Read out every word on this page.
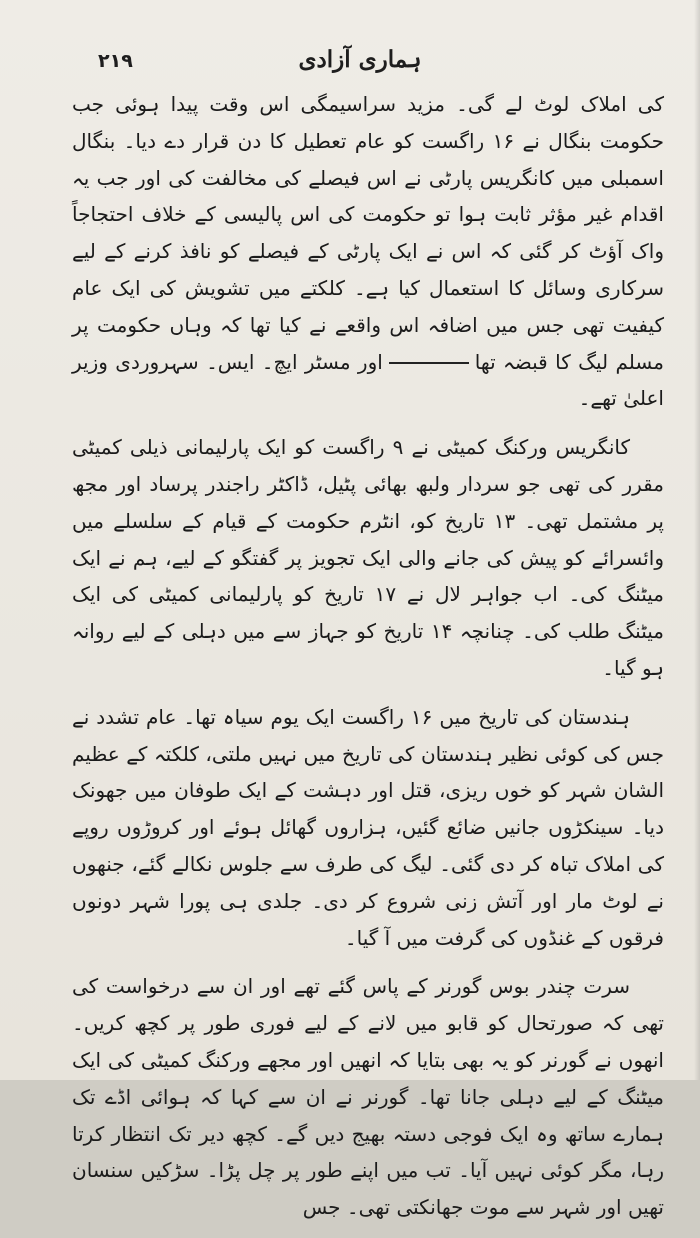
۲۱۹	ہماری آزادی

کی املاک لوٹ لے گی۔ مزید سراسیمگی اس وقت پیدا ہوئی جب حکومت بنگال نے ۱۶ راگست کو عام تعطیل کا دن قرار دے دیا۔ بنگال اسمبلی میں کانگریس پارٹی نے اس فیصلے کی مخالفت کی اور جب یہ اقدام غیر مؤثر ثابت ہوا تو حکومت کی اس پالیسی کے خلاف احتجاجاً واک آؤٹ کر گئی کہ اس نے ایک پارٹی کے فیصلے کو نافذ کرنے کے لیے سرکاری وسائل کا استعمال کیا ہے۔ کلکتے میں تشویش کی ایک عام کیفیت تھی جس میں اضافہ اس واقعے نے کیا تھا کہ وہاں حکومت پر مسلم لیگ کا قبضہ تھااور مسٹر ایچ۔ ایس۔ سہروردی وزیر اعلیٰ تھے۔

کانگریس ورکنگ کمیٹی نے ۹ راگست کو ایک پارلیمانی ذیلی کمیٹی مقرر کی تھی جو سردار ولبھ بھائی پٹیل، ڈاکٹر راجندر پرساد اور مجھ پر مشتمل تھی۔ ۱۳ تاریخ کو، انٹرم حکومت کے قیام کے سلسلے میں وائسرائے کو پیش کی جانے والی ایک تجویز پر گفتگو کے لیے، ہم نے ایک میٹنگ کی۔ اب جواہر لال نے ۱۷ تاریخ کو پارلیمانی کمیٹی کی ایک میٹنگ طلب کی۔ چنانچہ ۱۴ تاریخ کو جہاز سے میں دہلی کے لیے روانہ ہو گیا۔

ہندستان کی تاریخ میں ۱۶ راگست ایک یوم سیاہ تھا۔ عام تشدد نے جس کی کوئی نظیر ہندستان کی تاریخ میں نہیں ملتی، کلکتہ کے عظیم الشان شہر کو خوں ریزی، قتل اور دہشت کے ایک طوفان میں جھونک دیا۔ سینکڑوں جانیں ضائع گئیں، ہزاروں گھائل ہوئے اور کروڑوں روپے کی املاک تباہ کر دی گئی۔ لیگ کی طرف سے جلوس نکالے گئے، جنھوں نے لوٹ مار اور آتش زنی شروع کر دی۔ جلدی ہی پورا شہر دونوں فرقوں کے غنڈوں کی گرفت میں آ گیا۔

سرت چندر بوس گورنر کے پاس گئے تھے اور ان سے درخواست کی تھی کہ صورتحال کو قابو میں لانے کے لیے فوری طور پر کچھ کریں۔ انھوں نے گورنر کو یہ بھی بتایا کہ انھیں اور مجھے ورکنگ کمیٹی کی ایک میٹنگ کے لیے دہلی جانا تھا۔ گورنر نے ان سے کہا کہ ہوائی اڈے تک ہمارے ساتھ وہ ایک فوجی دستہ بھیج دیں گے۔ کچھ دیر تک انتظار کرتا رہا، مگر کوئی نہیں آیا۔ تب میں اپنے طور پر چل پڑا۔ سڑکیں سنسان تھیں اور شہر سے موت جھانکتی تھی۔ جس
